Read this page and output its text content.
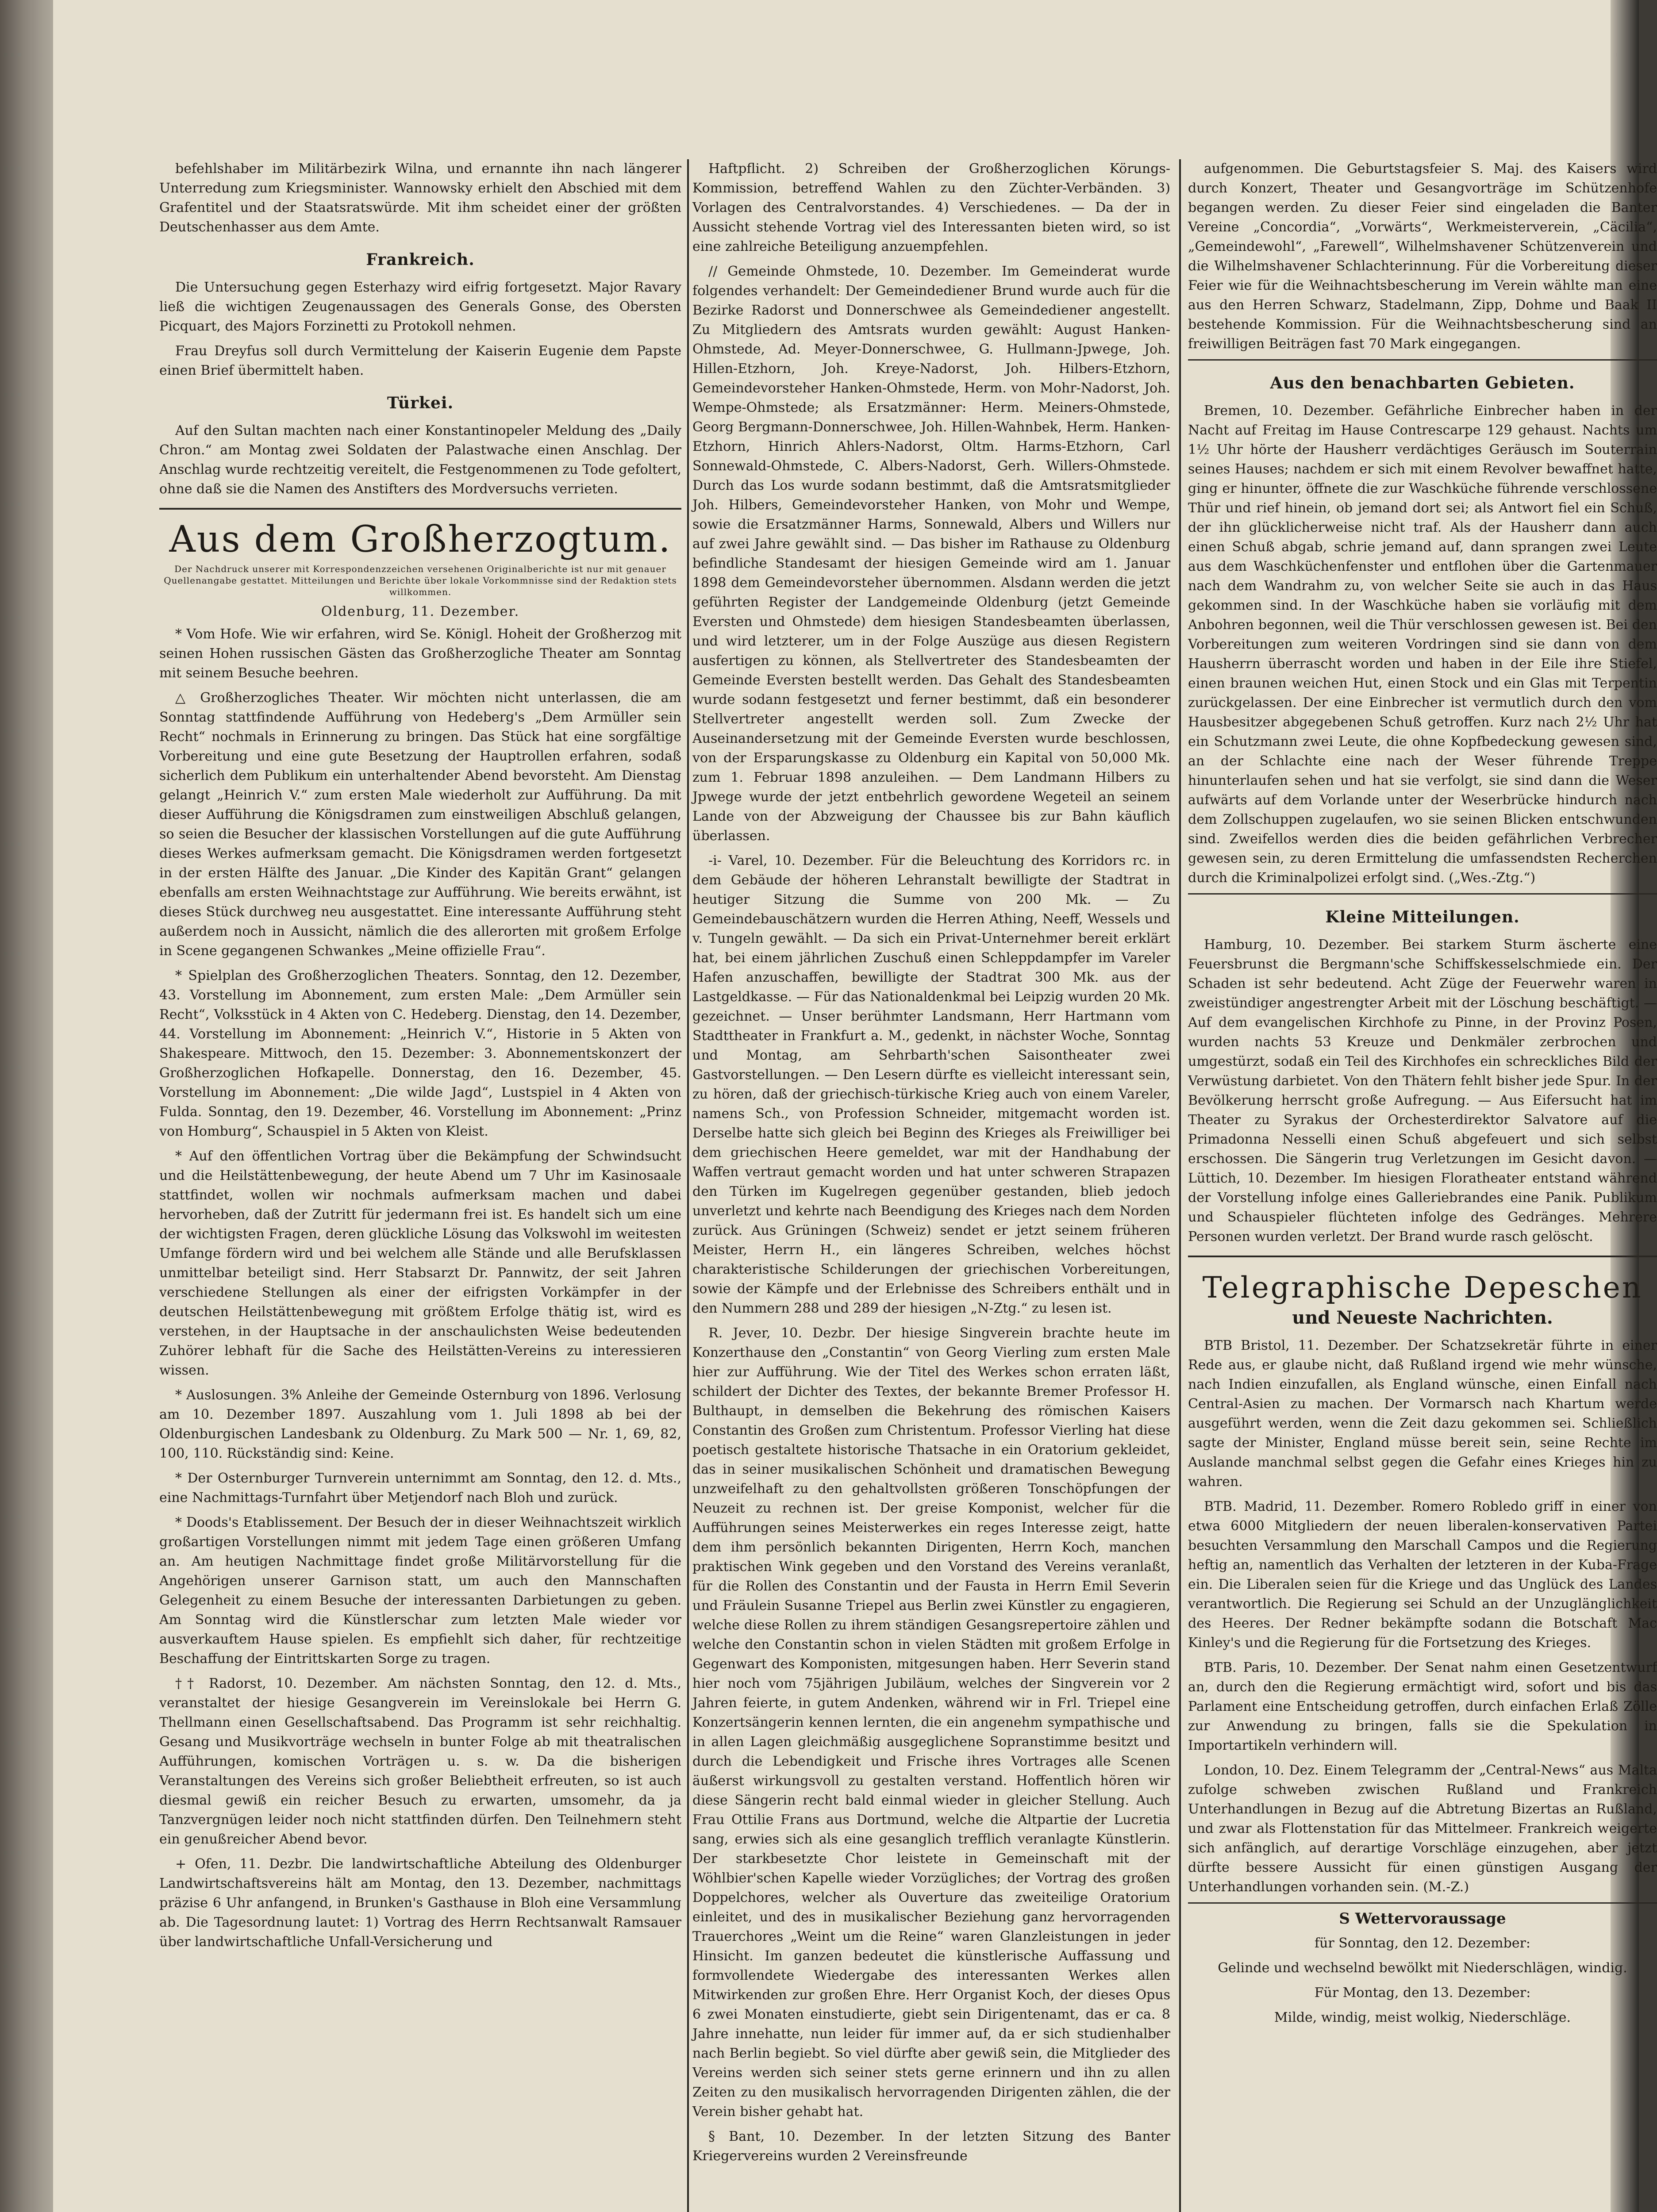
befehlshaber im Militärbezirk Wilna, und ernannte ihn nach längerer Unterredung zum Kriegsminister. Wannowsky erhielt den Abschied mit dem Grafentitel und der Staatsratswürde. Mit ihm scheidet einer der größten Deutschenhasser aus dem Amte.

Frankreich.

Die Untersuchung gegen Esterhazy wird eifrig fortgesetzt. Major Ravary ließ die wichtigen Zeugenaussagen des Generals Gonse, des Obersten Picquart, des Majors Forzinetti zu Protokoll nehmen.

Frau Dreyfus soll durch Vermittelung der Kaiserin Eugenie dem Papste einen Brief übermittelt haben.

Türkei.

Auf den Sultan machten nach einer Konstantinopeler Meldung des „Daily Chron.“ am Montag zwei Soldaten der Palastwache einen Anschlag. Der Anschlag wurde rechtzeitig vereitelt, die Festgenommenen zu Tode gefoltert, ohne daß sie die Namen des Anstifters des Mordversuchs verrieten.

Aus dem Großherzogtum.
Der Nachdruck unserer mit Korrespondenzzeichen versehenen Originalberichte ist nur mit genauer Quellenangabe gestattet. Mitteilungen und Berichte über lokale Vorkommnisse sind der Redaktion stets willkommen.
Oldenburg, 11. Dezember.

* Vom Hofe. Wie wir erfahren, wird Se. Königl. Hoheit der Großherzog mit seinen Hohen russischen Gästen das Großherzogliche Theater am Sonntag mit seinem Besuche beehren.

△ Großherzogliches Theater. Wir möchten nicht unterlassen, die am Sonntag stattfindende Aufführung von Hedeberg's „Dem Armüller sein Recht“ nochmals in Erinnerung zu bringen. Das Stück hat eine sorgfältige Vorbereitung und eine gute Besetzung der Hauptrollen erfahren, sodaß sicherlich dem Publikum ein unterhaltender Abend bevorsteht. Am Dienstag gelangt „Heinrich V.“ zum ersten Male wiederholt zur Aufführung. Da mit dieser Aufführung die Königsdramen zum einstweiligen Abschluß gelangen, so seien die Besucher der klassischen Vorstellungen auf die gute Aufführung dieses Werkes aufmerksam gemacht. Die Königsdramen werden fortgesetzt in der ersten Hälfte des Januar. „Die Kinder des Kapitän Grant“ gelangen ebenfalls am ersten Weihnachtstage zur Aufführung. Wie bereits erwähnt, ist dieses Stück durchweg neu ausgestattet. Eine interessante Aufführung steht außerdem noch in Aussicht, nämlich die des allerorten mit großem Erfolge in Scene gegangenen Schwankes „Meine offizielle Frau“.

* Spielplan des Großherzoglichen Theaters. Sonntag, den 12. Dezember, 43. Vorstellung im Abonnement, zum ersten Male: „Dem Armüller sein Recht“, Volksstück in 4 Akten von C. Hedeberg. Dienstag, den 14. Dezember, 44. Vorstellung im Abonnement: „Heinrich V.“, Historie in 5 Akten von Shakespeare. Mittwoch, den 15. Dezember: 3. Abonnementskonzert der Großherzoglichen Hofkapelle. Donnerstag, den 16. Dezember, 45. Vorstellung im Abonnement: „Die wilde Jagd“, Lustspiel in 4 Akten von Fulda. Sonntag, den 19. Dezember, 46. Vorstellung im Abonnement: „Prinz von Homburg“, Schauspiel in 5 Akten von Kleist.

* Auf den öffentlichen Vortrag über die Bekämpfung der Schwindsucht und die Heilstättenbewegung, der heute Abend um 7 Uhr im Kasinosaale stattfindet, wollen wir nochmals aufmerksam machen und dabei hervorheben, daß der Zutritt für jedermann frei ist. Es handelt sich um eine der wichtigsten Fragen, deren glückliche Lösung das Volkswohl im weitesten Umfange fördern wird und bei welchem alle Stände und alle Berufsklassen unmittelbar beteiligt sind. Herr Stabsarzt Dr. Pannwitz, der seit Jahren verschiedene Stellungen als einer der eifrigsten Vorkämpfer in der deutschen Heilstättenbewegung mit größtem Erfolge thätig ist, wird es verstehen, in der Hauptsache in der anschaulichsten Weise bedeutenden Zuhörer lebhaft für die Sache des Heilstätten-Vereins zu interessieren wissen.

* Auslosungen. 3% Anleihe der Gemeinde Osternburg von 1896. Verlosung am 10. Dezember 1897. Auszahlung vom 1. Juli 1898 ab bei der Oldenburgischen Landesbank zu Oldenburg. Zu Mark 500 — Nr. 1, 69, 82, 100, 110. Rückständig sind: Keine.

* Der Osternburger Turnverein unternimmt am Sonntag, den 12. d. Mts., eine Nachmittags-Turnfahrt über Metjendorf nach Bloh und zurück.

* Doods's Etablissement. Der Besuch der in dieser Weihnachtszeit wirklich großartigen Vorstellungen nimmt mit jedem Tage einen größeren Umfang an. Am heutigen Nachmittage findet große Militärvorstellung für die Angehörigen unserer Garnison statt, um auch den Mannschaften Gelegenheit zu einem Besuche der interessanten Darbietungen zu geben. Am Sonntag wird die Künstlerschar zum letzten Male wieder vor ausverkauftem Hause spielen. Es empfiehlt sich daher, für rechtzeitige Beschaffung der Eintrittskarten Sorge zu tragen.

†† Radorst, 10. Dezember. Am nächsten Sonntag, den 12. d. Mts., veranstaltet der hiesige Gesangverein im Vereinslokale bei Herrn G. Thellmann einen Gesellschaftsabend. Das Programm ist sehr reichhaltig. Gesang und Musikvorträge wechseln in bunter Folge ab mit theatralischen Aufführungen, komischen Vorträgen u. s. w. Da die bisherigen Veranstaltungen des Vereins sich großer Beliebtheit erfreuten, so ist auch diesmal gewiß ein reicher Besuch zu erwarten, umsomehr, da ja Tanzvergnügen leider noch nicht stattfinden dürfen. Den Teilnehmern steht ein genußreicher Abend bevor.

+ Ofen, 11. Dezbr. Die landwirtschaftliche Abteilung des Oldenburger Landwirtschaftsvereins hält am Montag, den 13. Dezember, nachmittags präzise 6 Uhr anfangend, in Brunken's Gasthause in Bloh eine Versammlung ab. Die Tagesordnung lautet: 1) Vortrag des Herrn Rechtsanwalt Ramsauer über landwirtschaftliche Unfall-Versicherung und

Haftpflicht. 2) Schreiben der Großherzoglichen Körungs-Kommission, betreffend Wahlen zu den Züchter-Verbänden. 3) Vorlagen des Centralvorstandes. 4) Verschiedenes. — Da der in Aussicht stehende Vortrag viel des Interessanten bieten wird, so ist eine zahlreiche Beteiligung anzuempfehlen.

// Gemeinde Ohmstede, 10. Dezember. Im Gemeinderat wurde folgendes verhandelt: Der Gemeindediener Brund wurde auch für die Bezirke Radorst und Donnerschwee als Gemeindediener angestellt. Zu Mitgliedern des Amtsrats wurden gewählt: August Hanken-Ohmstede, Ad. Meyer-Donnerschwee, G. Hullmann-Jpwege, Joh. Hillen-Etzhorn, Joh. Kreye-Nadorst, Joh. Hilbers-Etzhorn, Gemeindevorsteher Hanken-Ohmstede, Herm. von Mohr-Nadorst, Joh. Wempe-Ohmstede; als Ersatzmänner: Herm. Meiners-Ohmstede, Georg Bergmann-Donnerschwee, Joh. Hillen-Wahnbek, Herm. Hanken-Etzhorn, Hinrich Ahlers-Nadorst, Oltm. Harms-Etzhorn, Carl Sonnewald-Ohmstede, C. Albers-Nadorst, Gerh. Willers-Ohmstede. Durch das Los wurde sodann bestimmt, daß die Amtsratsmitglieder Joh. Hilbers, Gemeindevorsteher Hanken, von Mohr und Wempe, sowie die Ersatzmänner Harms, Sonnewald, Albers und Willers nur auf zwei Jahre gewählt sind. — Das bisher im Rathause zu Oldenburg befindliche Standesamt der hiesigen Gemeinde wird am 1. Januar 1898 dem Gemeindevorsteher übernommen. Alsdann werden die jetzt geführten Register der Landgemeinde Oldenburg (jetzt Gemeinde Eversten und Ohmstede) dem hiesigen Standesbeamten überlassen, und wird letzterer, um in der Folge Auszüge aus diesen Registern ausfertigen zu können, als Stellvertreter des Standesbeamten der Gemeinde Eversten bestellt werden. Das Gehalt des Standesbeamten wurde sodann festgesetzt und ferner bestimmt, daß ein besonderer Stellvertreter angestellt werden soll. Zum Zwecke der Auseinandersetzung mit der Gemeinde Eversten wurde beschlossen, von der Ersparungskasse zu Oldenburg ein Kapital von 50,000 Mk. zum 1. Februar 1898 anzuleihen. — Dem Landmann Hilbers zu Jpwege wurde der jetzt entbehrlich gewordene Wegeteil an seinem Lande von der Abzweigung der Chaussee bis zur Bahn käuflich überlassen.

-i- Varel, 10. Dezember. Für die Beleuchtung des Korridors rc. in dem Gebäude der höheren Lehranstalt bewilligte der Stadtrat in heutiger Sitzung die Summe von 200 Mk. — Zu Gemeindebauschätzern wurden die Herren Athing, Neeff, Wessels und v. Tungeln gewählt. — Da sich ein Privat-Unternehmer bereit erklärt hat, bei einem jährlichen Zuschuß einen Schleppdampfer im Vareler Hafen anzuschaffen, bewilligte der Stadtrat 300 Mk. aus der Lastgeldkasse. — Für das Nationaldenkmal bei Leipzig wurden 20 Mk. gezeichnet. — Unser berühmter Landsmann, Herr Hartmann vom Stadttheater in Frankfurt a. M., gedenkt, in nächster Woche, Sonntag und Montag, am Sehrbarth'schen Saisontheater zwei Gastvorstellungen. — Den Lesern dürfte es vielleicht interessant sein, zu hören, daß der griechisch-türkische Krieg auch von einem Vareler, namens Sch., von Profession Schneider, mitgemacht worden ist. Derselbe hatte sich gleich bei Beginn des Krieges als Freiwilliger bei dem griechischen Heere gemeldet, war mit der Handhabung der Waffen vertraut gemacht worden und hat unter schweren Strapazen den Türken im Kugelregen gegenüber gestanden, blieb jedoch unverletzt und kehrte nach Beendigung des Krieges nach dem Norden zurück. Aus Grüningen (Schweiz) sendet er jetzt seinem früheren Meister, Herrn H., ein längeres Schreiben, welches höchst charakteristische Schilderungen der griechischen Vorbereitungen, sowie der Kämpfe und der Erlebnisse des Schreibers enthält und in den Nummern 288 und 289 der hiesigen „N-Ztg.“ zu lesen ist.

R. Jever, 10. Dezbr. Der hiesige Singverein brachte heute im Konzerthause den „Constantin“ von Georg Vierling zum ersten Male hier zur Aufführung. Wie der Titel des Werkes schon erraten läßt, schildert der Dichter des Textes, der bekannte Bremer Professor H. Bulthaupt, in demselben die Bekehrung des römischen Kaisers Constantin des Großen zum Christentum. Professor Vierling hat diese poetisch gestaltete historische Thatsache in ein Oratorium gekleidet, das in seiner musikalischen Schönheit und dramatischen Bewegung unzweifelhaft zu den gehaltvollsten größeren Tonschöpfungen der Neuzeit zu rechnen ist. Der greise Komponist, welcher für die Aufführungen seines Meisterwerkes ein reges Interesse zeigt, hatte dem ihm persönlich bekannten Dirigenten, Herrn Koch, manchen praktischen Wink gegeben und den Vorstand des Vereins veranlaßt, für die Rollen des Constantin und der Fausta in Herrn Emil Severin und Fräulein Susanne Triepel aus Berlin zwei Künstler zu engagieren, welche diese Rollen zu ihrem ständigen Gesangsrepertoire zählen und welche den Constantin schon in vielen Städten mit großem Erfolge in Gegenwart des Komponisten, mitgesungen haben. Herr Severin stand hier noch vom 75jährigen Jubiläum, welches der Singverein vor 2 Jahren feierte, in gutem Andenken, während wir in Frl. Triepel eine Konzertsängerin kennen lernten, die ein angenehm sympathische und in allen Lagen gleichmäßig ausgeglichene Sopranstimme besitzt und durch die Lebendigkeit und Frische ihres Vortrages alle Scenen äußerst wirkungsvoll zu gestalten verstand. Hoffentlich hören wir diese Sängerin recht bald einmal wieder in gleicher Stellung. Auch Frau Ottilie Frans aus Dortmund, welche die Altpartie der Lucretia sang, erwies sich als eine gesanglich trefflich veranlagte Künstlerin. Der starkbesetzte Chor leistete in Gemeinschaft mit der Wöhlbier'schen Kapelle wieder Vorzügliches; der Vortrag des großen Doppelchores, welcher als Ouverture das zweiteilige Oratorium einleitet, und des in musikalischer Beziehung ganz hervorragenden Trauerchores „Weint um die Reine“ waren Glanzleistungen in jeder Hinsicht. Im ganzen bedeutet die künstlerische Auffassung und formvollendete Wiedergabe des interessanten Werkes allen Mitwirkenden zur großen Ehre. Herr Organist Koch, der dieses Opus 6 zwei Monaten einstudierte, giebt sein Dirigentenamt, das er ca. 8 Jahre innehatte, nun leider für immer auf, da er sich studienhalber nach Berlin begiebt. So viel dürfte aber gewiß sein, die Mitglieder des Vereins werden sich seiner stets gerne erinnern und ihn zu allen Zeiten zu den musikalisch hervorragenden Dirigenten zählen, die der Verein bisher gehabt hat.

§ Bant, 10. Dezember. In der letzten Sitzung des Banter Kriegervereins wurden 2 Vereinsfreunde

aufgenommen. Die Geburtstagsfeier S. Maj. des Kaisers wird durch Konzert, Theater und Gesangvorträge im Schützenhofe begangen werden. Zu dieser Feier sind eingeladen die Banter Vereine „Concordia“, „Vorwärts“, Werkmeisterverein, „Cäcilia“, „Gemeindewohl“, „Farewell“, Wilhelmshavener Schützenverein und die Wilhelmshavener Schlachterinnung. Für die Vorbereitung dieser Feier wie für die Weihnachtsbescherung im Verein wählte man eine aus den Herren Schwarz, Stadelmann, Zipp, Dohme und Baak II bestehende Kommission. Für die Weihnachtsbescherung sind an freiwilligen Beiträgen fast 70 Mark eingegangen.

Aus den benachbarten Gebieten.

Bremen, 10. Dezember. Gefährliche Einbrecher haben in der Nacht auf Freitag im Hause Contrescarpe 129 gehaust. Nachts um 1½ Uhr hörte der Hausherr verdächtiges Geräusch im Souterrain seines Hauses; nachdem er sich mit einem Revolver bewaffnet hatte, ging er hinunter, öffnete die zur Waschküche führende verschlossene Thür und rief hinein, ob jemand dort sei; als Antwort fiel ein Schuß, der ihn glücklicherweise nicht traf. Als der Hausherr dann auch einen Schuß abgab, schrie jemand auf, dann sprangen zwei Leute aus dem Waschküchenfenster und entflohen über die Gartenmauer nach dem Wandrahm zu, von welcher Seite sie auch in das Haus gekommen sind. In der Waschküche haben sie vorläufig mit dem Anbohren begonnen, weil die Thür verschlossen gewesen ist. Bei den Vorbereitungen zum weiteren Vordringen sind sie dann von dem Hausherrn überrascht worden und haben in der Eile ihre Stiefel, einen braunen weichen Hut, einen Stock und ein Glas mit Terpentin zurückgelassen. Der eine Einbrecher ist vermutlich durch den vom Hausbesitzer abgegebenen Schuß getroffen. Kurz nach 2½ Uhr hat ein Schutzmann zwei Leute, die ohne Kopfbedeckung gewesen sind, an der Schlachte eine nach der Weser führende Treppe hinunterlaufen sehen und hat sie verfolgt, sie sind dann die Weser aufwärts auf dem Vorlande unter der Weserbrücke hindurch nach dem Zollschuppen zugelaufen, wo sie seinen Blicken entschwunden sind. Zweifellos werden dies die beiden gefährlichen Verbrecher gewesen sein, zu deren Ermittelung die umfassendsten Recherchen durch die Kriminalpolizei erfolgt sind. („Wes.-Ztg.“)

Kleine Mitteilungen.

Hamburg, 10. Dezember. Bei starkem Sturm äscherte eine Feuersbrunst die Bergmann'sche Schiffskesselschmiede ein. Der Schaden ist sehr bedeutend. Acht Züge der Feuerwehr waren in zweistündiger angestrengter Arbeit mit der Löschung beschäftigt. — Auf dem evangelischen Kirchhofe zu Pinne, in der Provinz Posen, wurden nachts 53 Kreuze und Denkmäler zerbrochen und umgestürzt, sodaß ein Teil des Kirchhofes ein schreckliches Bild der Verwüstung darbietet. Von den Thätern fehlt bisher jede Spur. In der Bevölkerung herrscht große Aufregung. — Aus Eifersucht hat im Theater zu Syrakus der Orchesterdirektor Salvatore auf die Primadonna Nesselli einen Schuß abgefeuert und sich selbst erschossen. Die Sängerin trug Verletzungen im Gesicht davon. — Lüttich, 10. Dezember. Im hiesigen Floratheater entstand während der Vorstellung infolge eines Galleriebrandes eine Panik. Publikum und Schauspieler flüchteten infolge des Gedränges. Mehrere Personen wurden verletzt. Der Brand wurde rasch gelöscht.

Telegraphische Depeschen
und Neueste Nachrichten.

BTB Bristol, 11. Dezember. Der Schatzsekretär führte in einer Rede aus, er glaube nicht, daß Rußland irgend wie mehr wünsche, nach Indien einzufallen, als England wünsche, einen Einfall nach Central-Asien zu machen. Der Vormarsch nach Khartum werde ausgeführt werden, wenn die Zeit dazu gekommen sei. Schließlich sagte der Minister, England müsse bereit sein, seine Rechte im Auslande manchmal selbst gegen die Gefahr eines Krieges hin zu wahren.

BTB. Madrid, 11. Dezember. Romero Robledo griff in einer von etwa 6000 Mitgliedern der neuen liberalen-konservativen Partei besuchten Versammlung den Marschall Campos und die Regierung heftig an, namentlich das Verhalten der letzteren in der Kuba-Frage ein. Die Liberalen seien für die Kriege und das Unglück des Landes verantwortlich. Die Regierung sei Schuld an der Unzuglänglichkeit des Heeres. Der Redner bekämpfte sodann die Botschaft Mac Kinley's und die Regierung für die Fortsetzung des Krieges.

BTB. Paris, 10. Dezember. Der Senat nahm einen Gesetzentwurf an, durch den die Regierung ermächtigt wird, sofort und bis das Parlament eine Entscheidung getroffen, durch einfachen Erlaß Zölle zur Anwendung zu bringen, falls sie die Spekulation in Importartikeln verhindern will.

London, 10. Dez. Einem Telegramm der „Central-News“ aus Malta zufolge schweben zwischen Rußland und Frankreich Unterhandlungen in Bezug auf die Abtretung Bizertas an Rußland, und zwar als Flottenstation für das Mittelmeer. Frankreich weigerte sich anfänglich, auf derartige Vorschläge einzugehen, aber jetzt dürfte bessere Aussicht für einen günstigen Ausgang der Unterhandlungen vorhanden sein. (M.-Z.)

S Wettervoraussage

für Sonntag, den 12. Dezember:

Gelinde und wechselnd bewölkt mit Niederschlägen, windig.

Für Montag, den 13. Dezember:

Milde, windig, meist wolkig, Niederschläge.
